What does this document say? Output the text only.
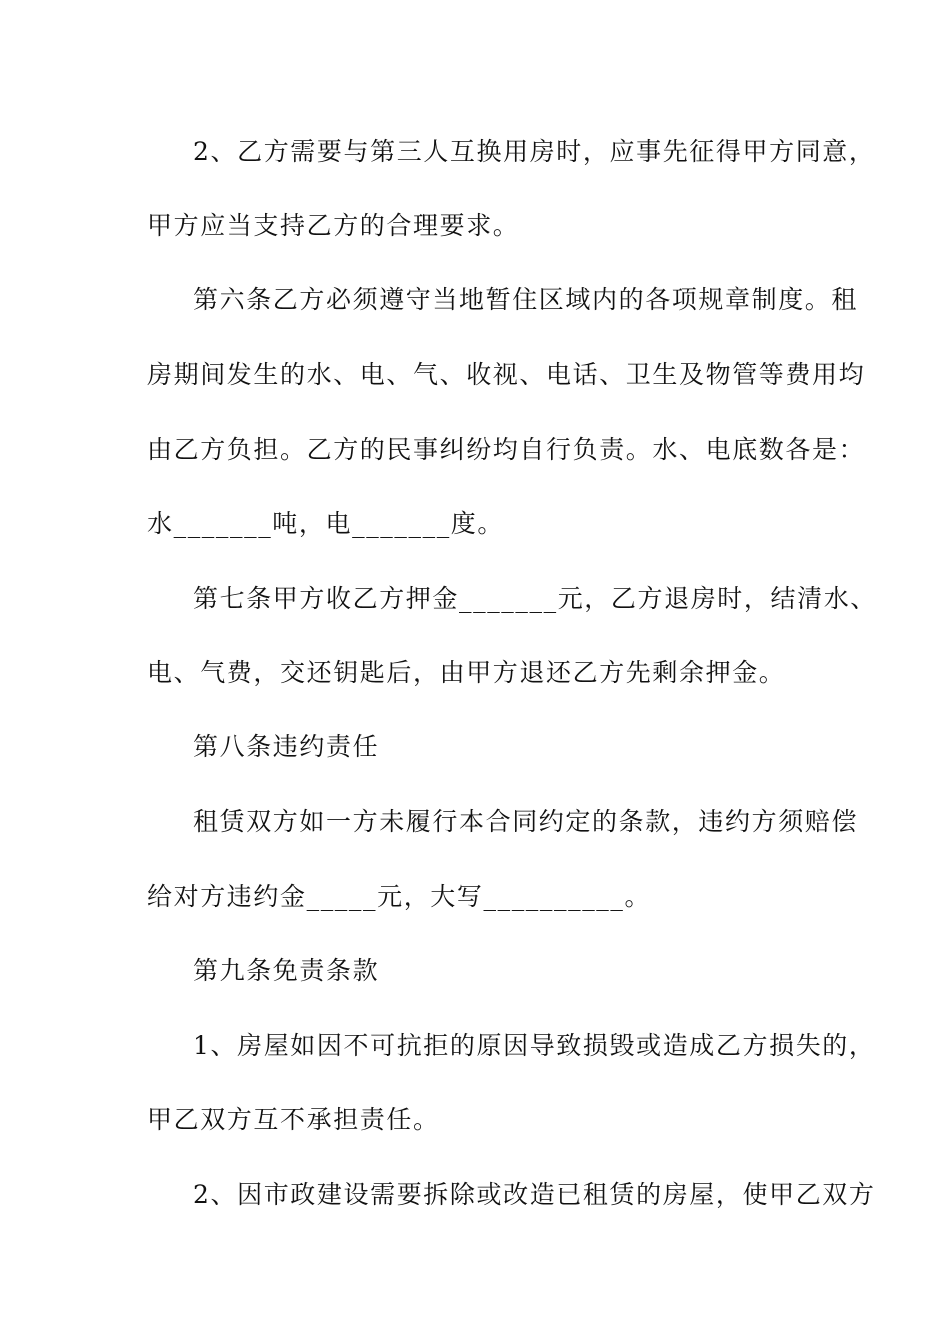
2、乙方需要与第三人互换用房时，应事先征得甲方同意，
甲方应当支持乙方的合理要求。
第六条乙方必须遵守当地暂住区域内的各项规章制度。租
房期间发生的水、电、气、收视、电话、卫生及物管等费用均
由乙方负担。乙方的民事纠纷均自行负责。水、电底数各是：
水_______吨，电_______度。
第七条甲方收乙方押金_______元，乙方退房时，结清水、
电、气费，交还钥匙后，由甲方退还乙方先剩余押金。
第八条违约责任
租赁双方如一方未履行本合同约定的条款，违约方须赔偿
给对方违约金_____元，大写__________。
第九条免责条款
1、房屋如因不可抗拒的原因导致损毁或造成乙方损失的，
甲乙双方互不承担责任。
2、因市政建设需要拆除或改造已租赁的房屋，使甲乙双方
